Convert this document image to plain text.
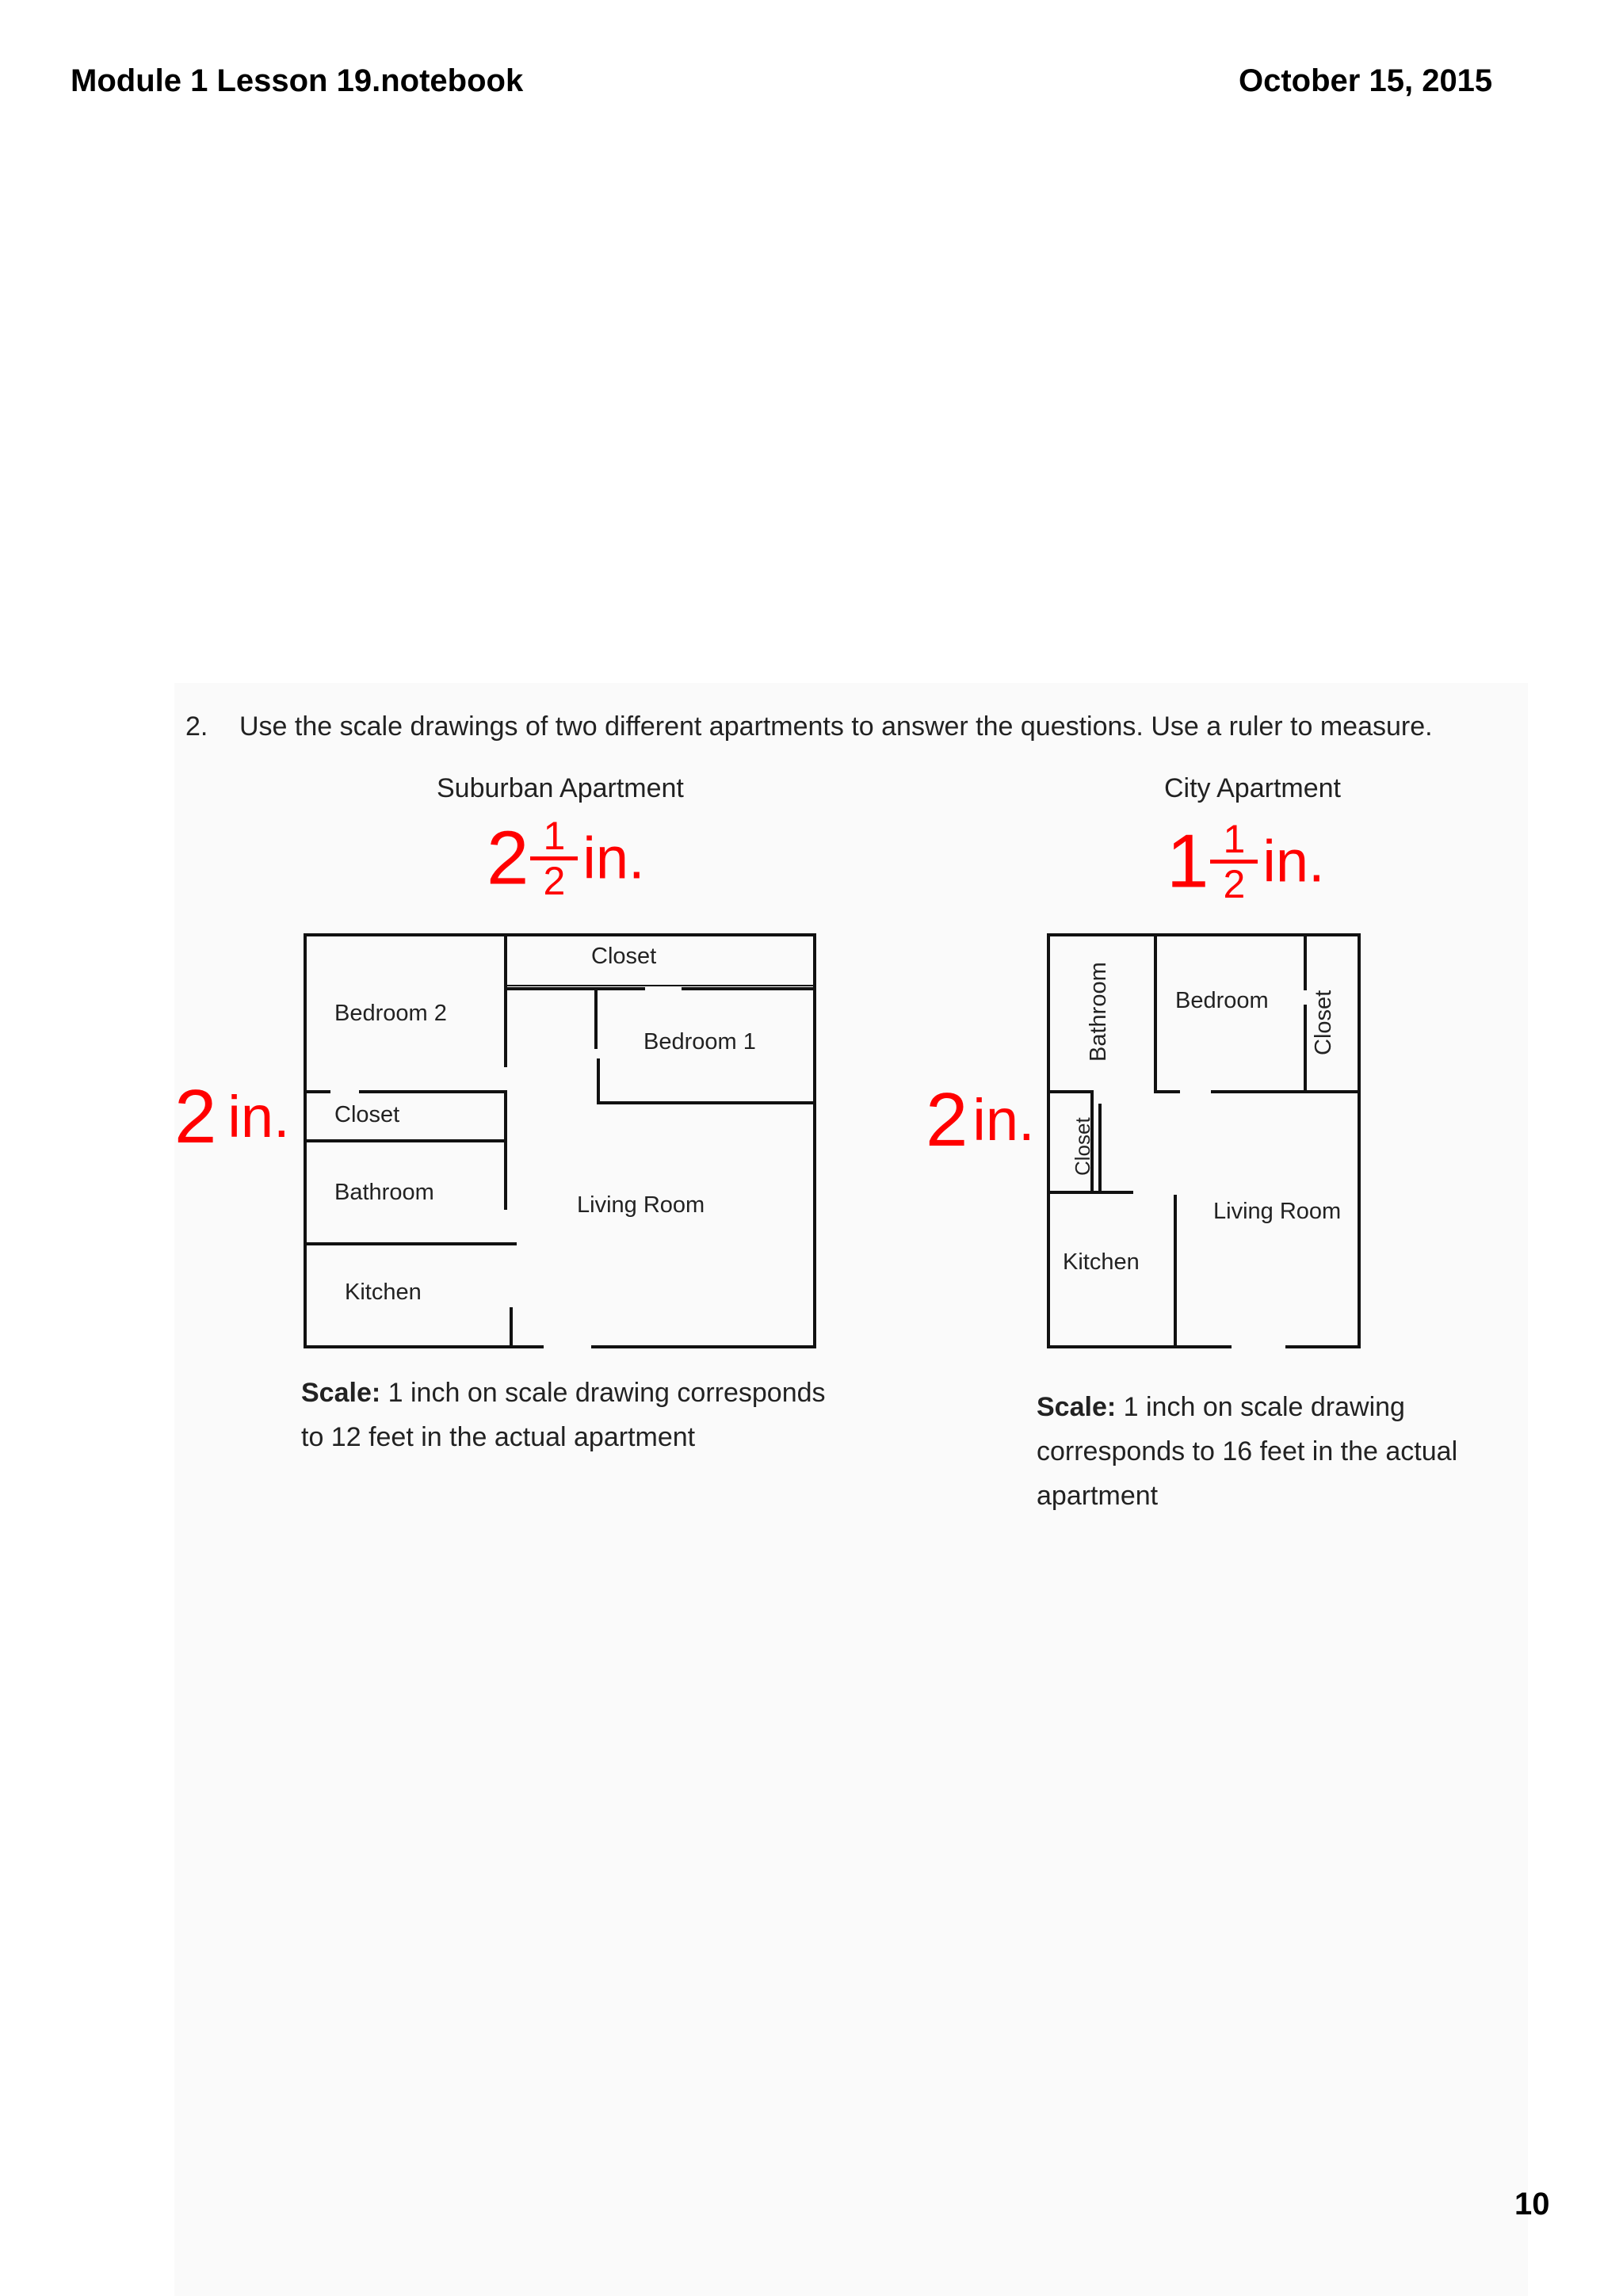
Module 1 Lesson 19.notebook	October 15, 2015
2. Use the scale drawings of two different apartments to answer the questions. Use a ruler to measure.
Suburban Apartment	City Apartment
2 1
2 in.	1 1
2 in.
2 in.	2in.
Closet
Bedroom 2
Bedroom 1
Closet
Bathroom	Living Room
Kitchen
Bathroom	Bedroom Closet
Closet
Living Room
Kitchen
Scale: 1 inch on scale drawing corresponds
to 12 feet in the actual apartment
Scale: 1 inch on scale drawing
corresponds to 16 feet in the actual
apartment
10
